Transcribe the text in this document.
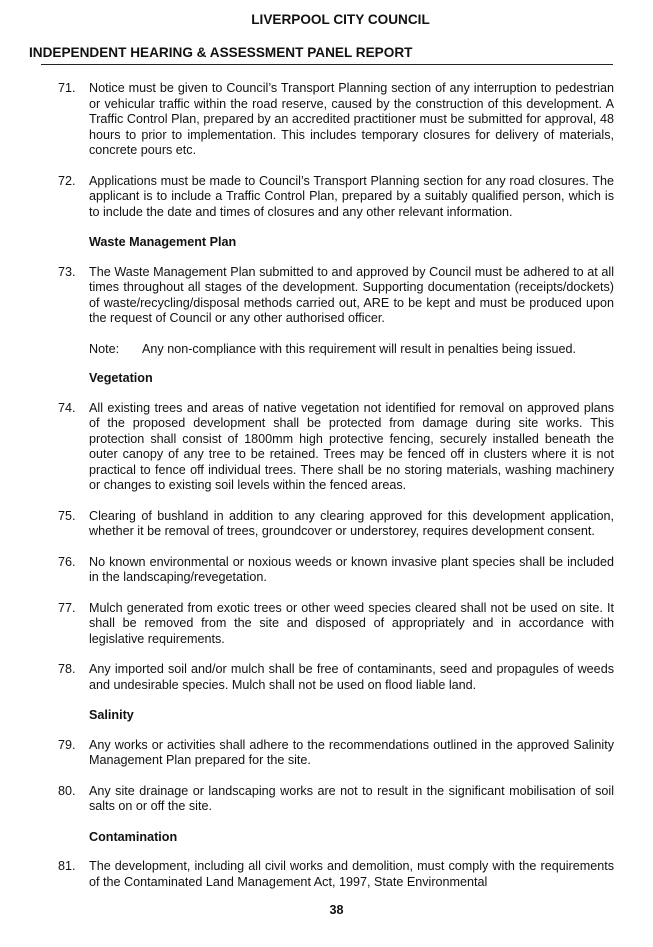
LIVERPOOL CITY COUNCIL
INDEPENDENT HEARING & ASSESSMENT PANEL REPORT
71. Notice must be given to Council’s Transport Planning section of any interruption to pedestrian or vehicular traffic within the road reserve, caused by the construction of this development. A Traffic Control Plan, prepared by an accredited practitioner must be submitted for approval, 48 hours to prior to implementation. This includes temporary closures for delivery of materials, concrete pours etc.
72. Applications must be made to Council’s Transport Planning section for any road closures. The applicant is to include a Traffic Control Plan, prepared by a suitably qualified person, which is to include the date and times of closures and any other relevant information.
Waste Management Plan
73. The Waste Management Plan submitted to and approved by Council must be adhered to at all times throughout all stages of the development. Supporting documentation (receipts/dockets) of waste/recycling/disposal methods carried out, ARE to be kept and must be produced upon the request of Council or any other authorised officer.
Note:	Any non-compliance with this requirement will result in penalties being issued.
Vegetation
74. All existing trees and areas of native vegetation not identified for removal on approved plans of the proposed development shall be protected from damage during site works. This protection shall consist of 1800mm high protective fencing, securely installed beneath the outer canopy of any tree to be retained. Trees may be fenced off in clusters where it is not practical to fence off individual trees. There shall be no storing materials, washing machinery or changes to existing soil levels within the fenced areas.
75. Clearing of bushland in addition to any clearing approved for this development application, whether it be removal of trees, groundcover or understorey, requires development consent.
76. No known environmental or noxious weeds or known invasive plant species shall be included in the landscaping/revegetation.
77. Mulch generated from exotic trees or other weed species cleared shall not be used on site. It shall be removed from the site and disposed of appropriately and in accordance with legislative requirements.
78. Any imported soil and/or mulch shall be free of contaminants, seed and propagules of weeds and undesirable species. Mulch shall not be used on flood liable land.
Salinity
79. Any works or activities shall adhere to the recommendations outlined in the approved Salinity Management Plan prepared for the site.
80. Any site drainage or landscaping works are not to result in the significant mobilisation of soil salts on or off the site.
Contamination
81. The development, including all civil works and demolition, must comply with the requirements of the Contaminated Land Management Act, 1997, State Environmental
38
